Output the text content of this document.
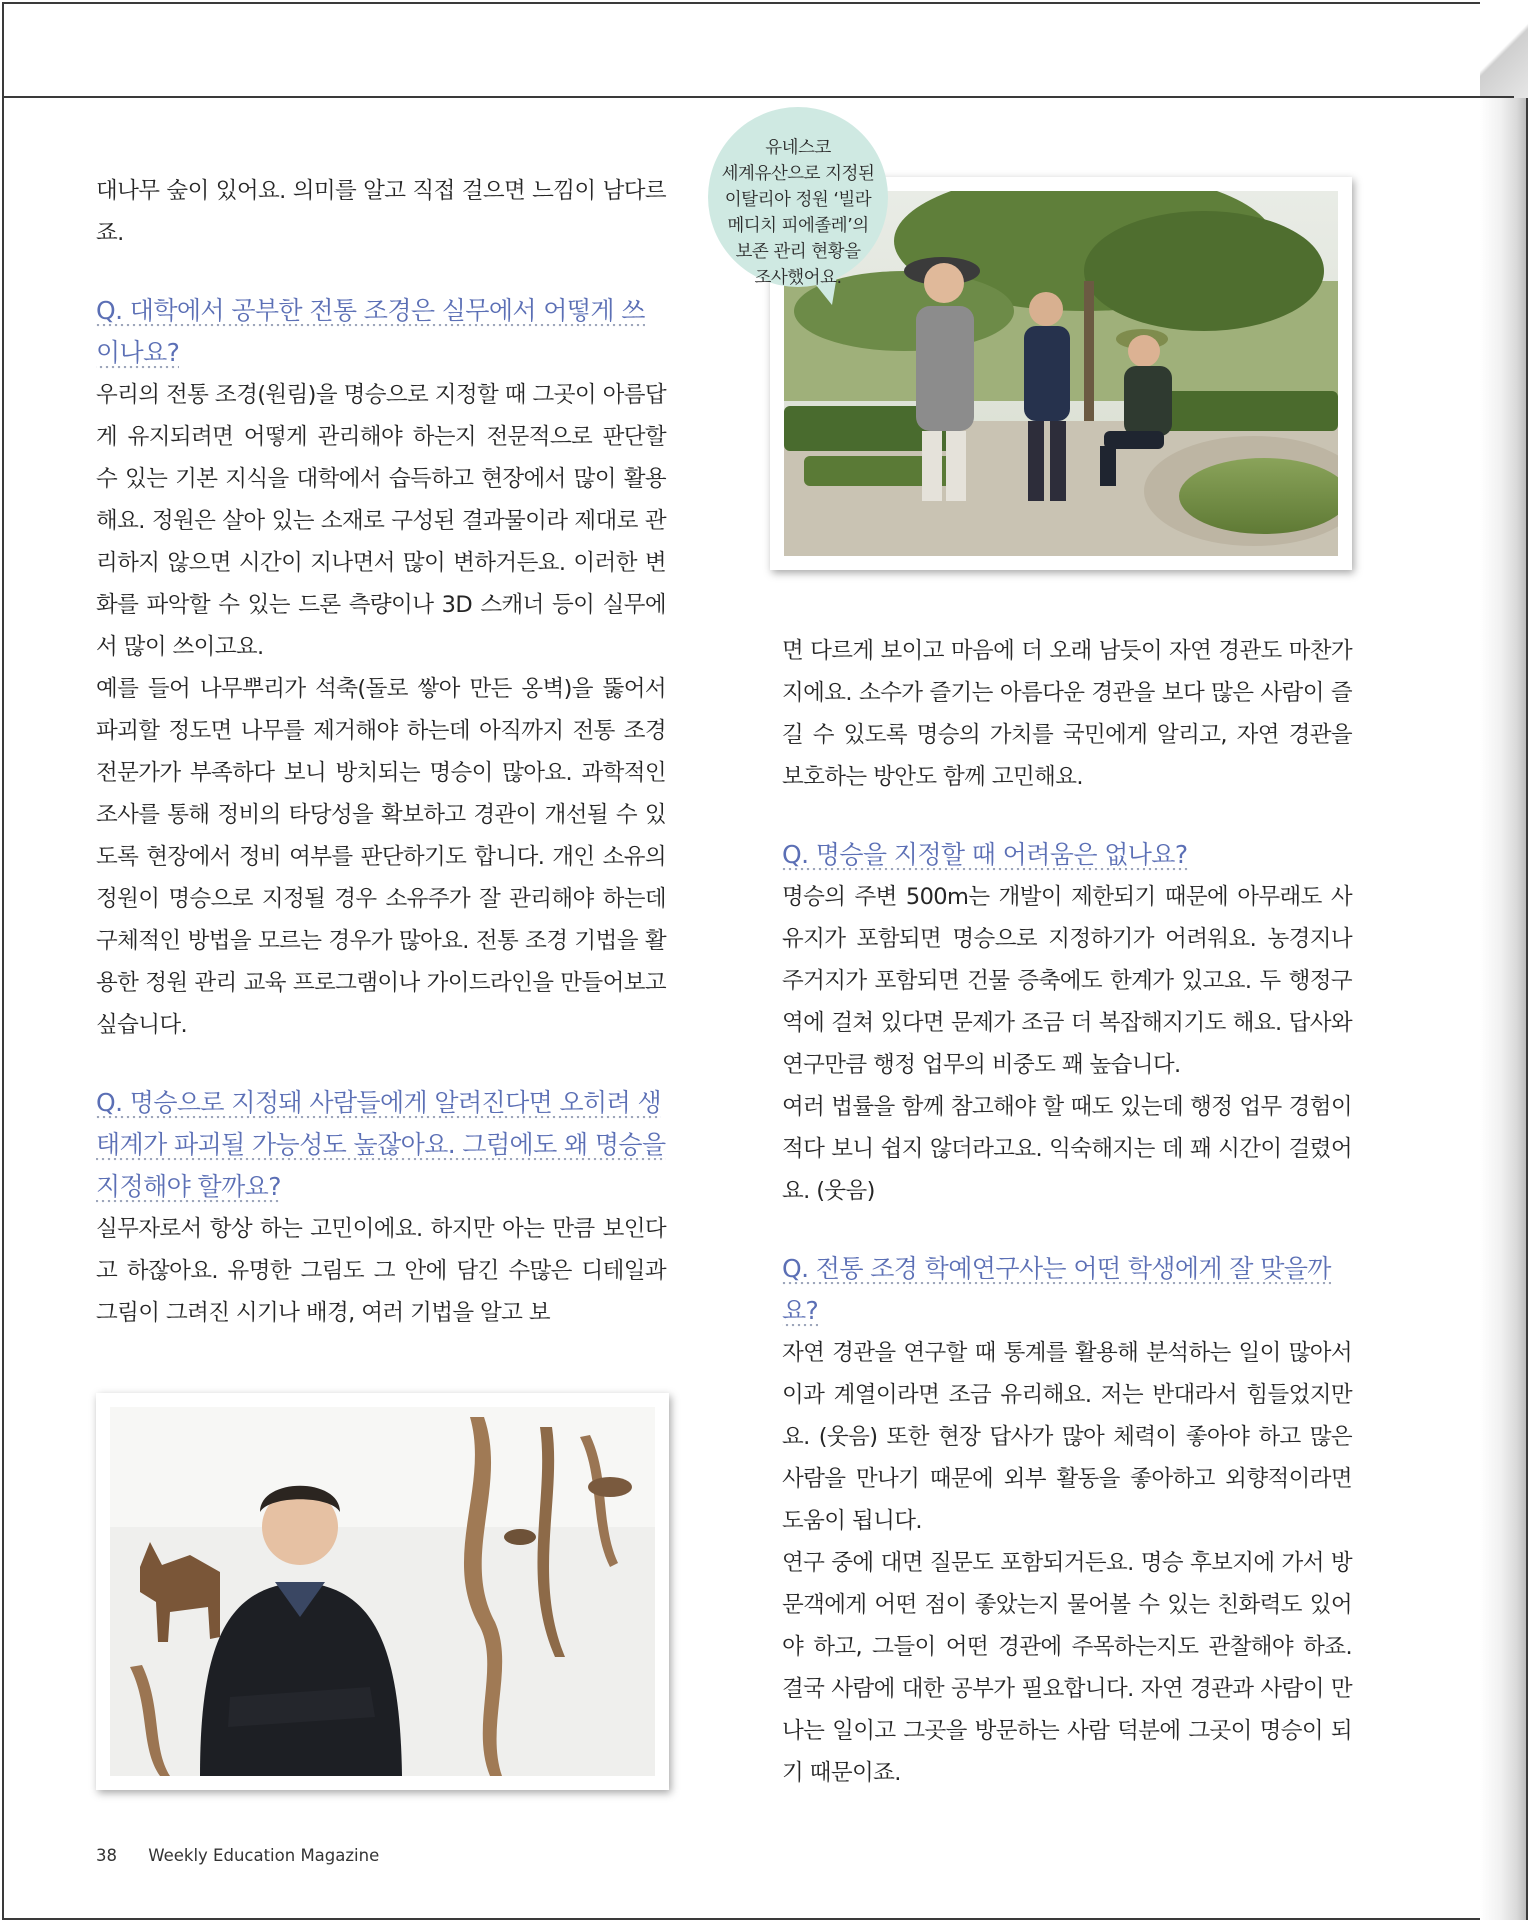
대나무 숲이 있어요. 의미를 알고 직접 걸으면 느낌이 남다르죠.

Q. 대학에서 공부한 전통 조경은 실무에서 어떻게 쓰이나요?

우리의 전통 조경(원림)을 명승으로 지정할 때 그곳이 아름답게 유지되려면 어떻게 관리해야 하는지 전문적으로 판단할 수 있는 기본 지식을 대학에서 습득하고 현장에서 많이 활용해요. 정원은 살아 있는 소재로 구성된 결과물이라 제대로 관리하지 않으면 시간이 지나면서 많이 변하거든요. 이러한 변화를 파악할 수 있는 드론 측량이나 3D 스캐너 등이 실무에서 많이 쓰이고요.

예를 들어 나무뿌리가 석축(돌로 쌓아 만든 옹벽)을 뚫어서 파괴할 정도면 나무를 제거해야 하는데 아직까지 전통 조경 전문가가 부족하다 보니 방치되는 명승이 많아요. 과학적인 조사를 통해 정비의 타당성을 확보하고 경관이 개선될 수 있도록 현장에서 정비 여부를 판단하기도 합니다. 개인 소유의 정원이 명승으로 지정될 경우 소유주가 잘 관리해야 하는데 구체적인 방법을 모르는 경우가 많아요. 전통 조경 기법을 활용한 정원 관리 교육 프로그램이나 가이드라인을 만들어보고 싶습니다.

Q. 명승으로 지정돼 사람들에게 알려진다면 오히려 생태계가 파괴될 가능성도 높잖아요. 그럼에도 왜 명승을 지정해야 할까요?

실무자로서 항상 하는 고민이에요. 하지만 아는 만큼 보인다고 하잖아요. 유명한 그림도 그 안에 담긴 수많은 디테일과 그림이 그려진 시기나 배경, 여러 기법을 알고 보

면 다르게 보이고 마음에 더 오래 남듯이 자연 경관도 마찬가지에요. 소수가 즐기는 아름다운 경관을 보다 많은 사람이 즐길 수 있도록 명승의 가치를 국민에게 알리고, 자연 경관을 보호하는 방안도 함께 고민해요.

Q. 명승을 지정할 때 어려움은 없나요?

명승의 주변 500m는 개발이 제한되기 때문에 아무래도 사유지가 포함되면 명승으로 지정하기가 어려워요. 농경지나 주거지가 포함되면 건물 증축에도 한계가 있고요. 두 행정구역에 걸쳐 있다면 문제가 조금 더 복잡해지기도 해요. 답사와 연구만큼 행정 업무의 비중도 꽤 높습니다.

여러 법률을 함께 참고해야 할 때도 있는데 행정 업무 경험이 적다 보니 쉽지 않더라고요. 익숙해지는 데 꽤 시간이 걸렸어요. (웃음)

Q. 전통 조경 학예연구사는 어떤 학생에게 잘 맞을까요?

자연 경관을 연구할 때 통계를 활용해 분석하는 일이 많아서 이과 계열이라면 조금 유리해요. 저는 반대라서 힘들었지만요. (웃음) 또한 현장 답사가 많아 체력이 좋아야 하고 많은 사람을 만나기 때문에 외부 활동을 좋아하고 외향적이라면 도움이 됩니다.

연구 중에 대면 질문도 포함되거든요. 명승 후보지에 가서 방문객에게 어떤 점이 좋았는지 물어볼 수 있는 친화력도 있어야 하고, 그들이 어떤 경관에 주목하는지도 관찰해야 하죠. 결국 사람에 대한 공부가 필요합니다. 자연 경관과 사람이 만나는 일이고 그곳을 방문하는 사람 덕분에 그곳이 명승이 되기 때문이죠.

유네스코
세계유산으로 지정된
이탈리아 정원 ‘빌라
메디치 피에졸레’의
보존 관리 현황을
조사했어요.
38 Weekly Education Magazine
